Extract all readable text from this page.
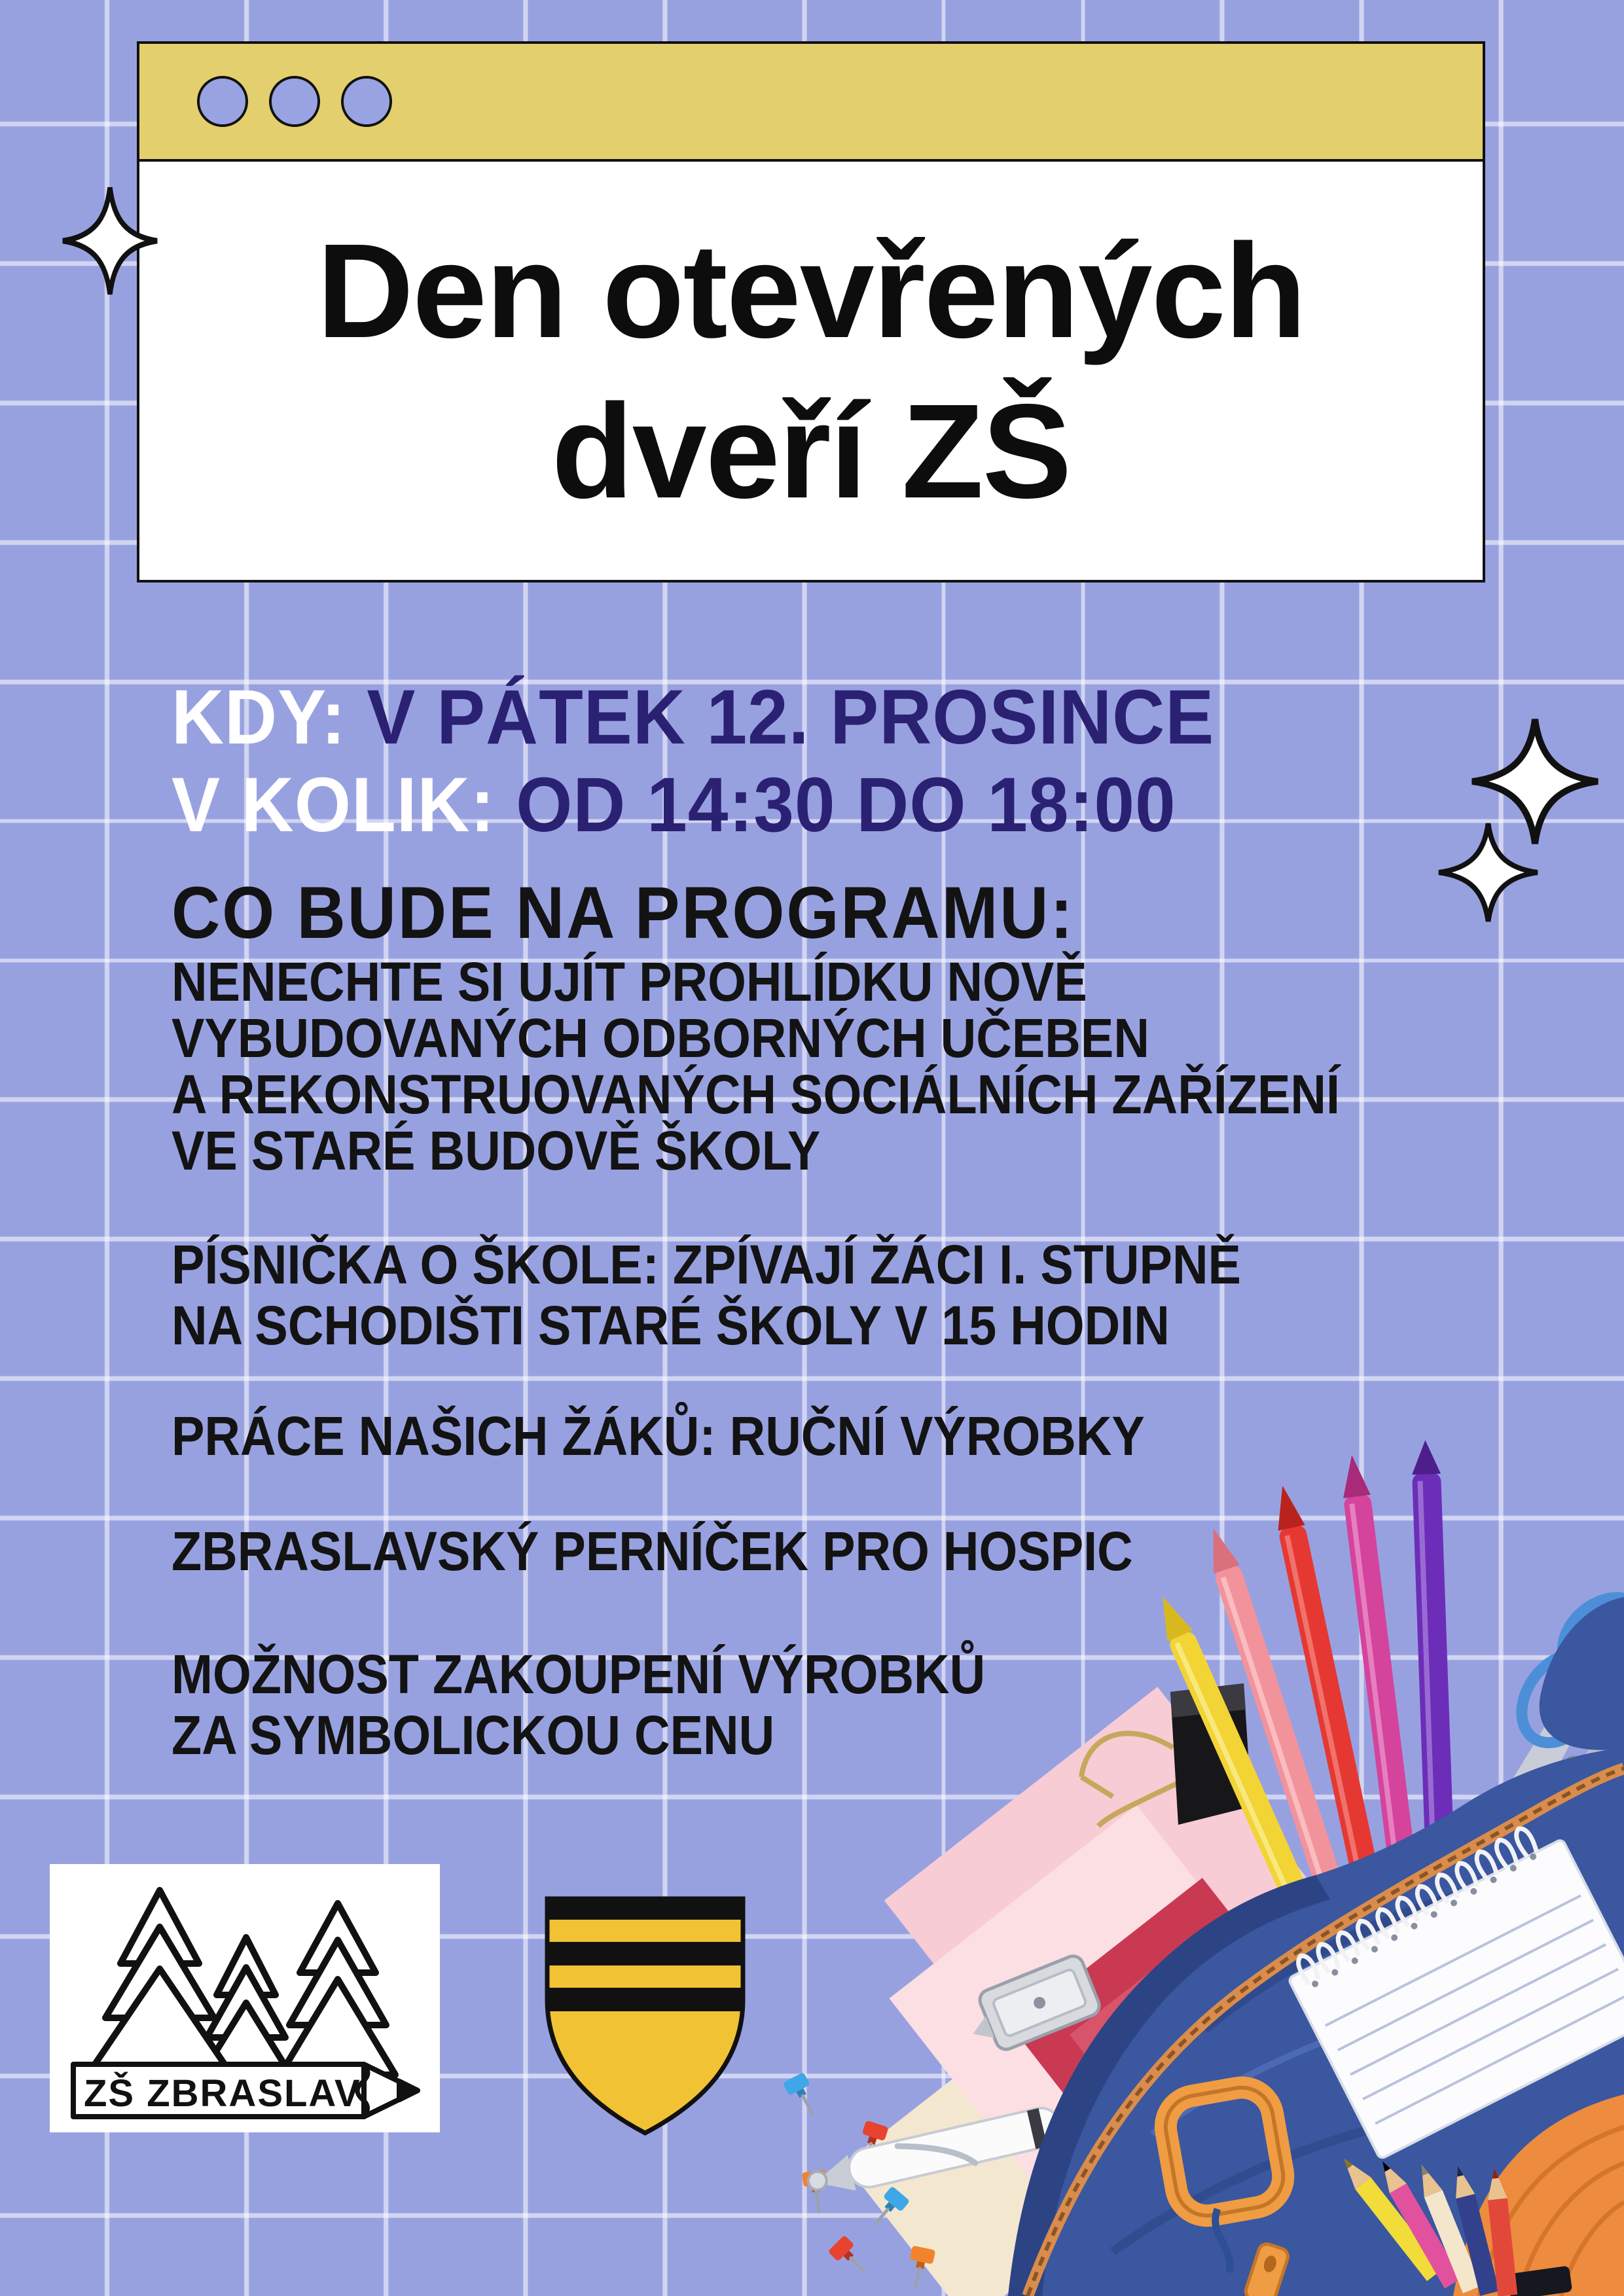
Den otevřených
dveří ZŠ
KDY: V PÁTEK 12. PROSINCE
V KOLIK: OD 14:30 DO 18:00
CO BUDE NA PROGRAMU:
NENECHTE SI UJÍT PROHLÍDKU NOVĚ
VYBUDOVANÝCH ODBORNÝCH UČEBEN
A REKONSTRUOVANÝCH SOCIÁLNÍCH ZAŘÍZENÍ
VE STARÉ BUDOVĚ ŠKOLY
PÍSNIČKA O ŠKOLE: ZPÍVAJÍ ŽÁCI I. STUPNĚ
NA SCHODIŠTI STARÉ ŠKOLY V 15 HODIN
PRÁCE NAŠICH ŽÁKŮ: RUČNÍ VÝROBKY
ZBRASLAVSKÝ PERNÍČEK PRO HOSPIC
MOŽNOST ZAKOUPENÍ VÝROBKŮ
ZA SYMBOLICKOU CENU
ZŠ ZBRASLAV
